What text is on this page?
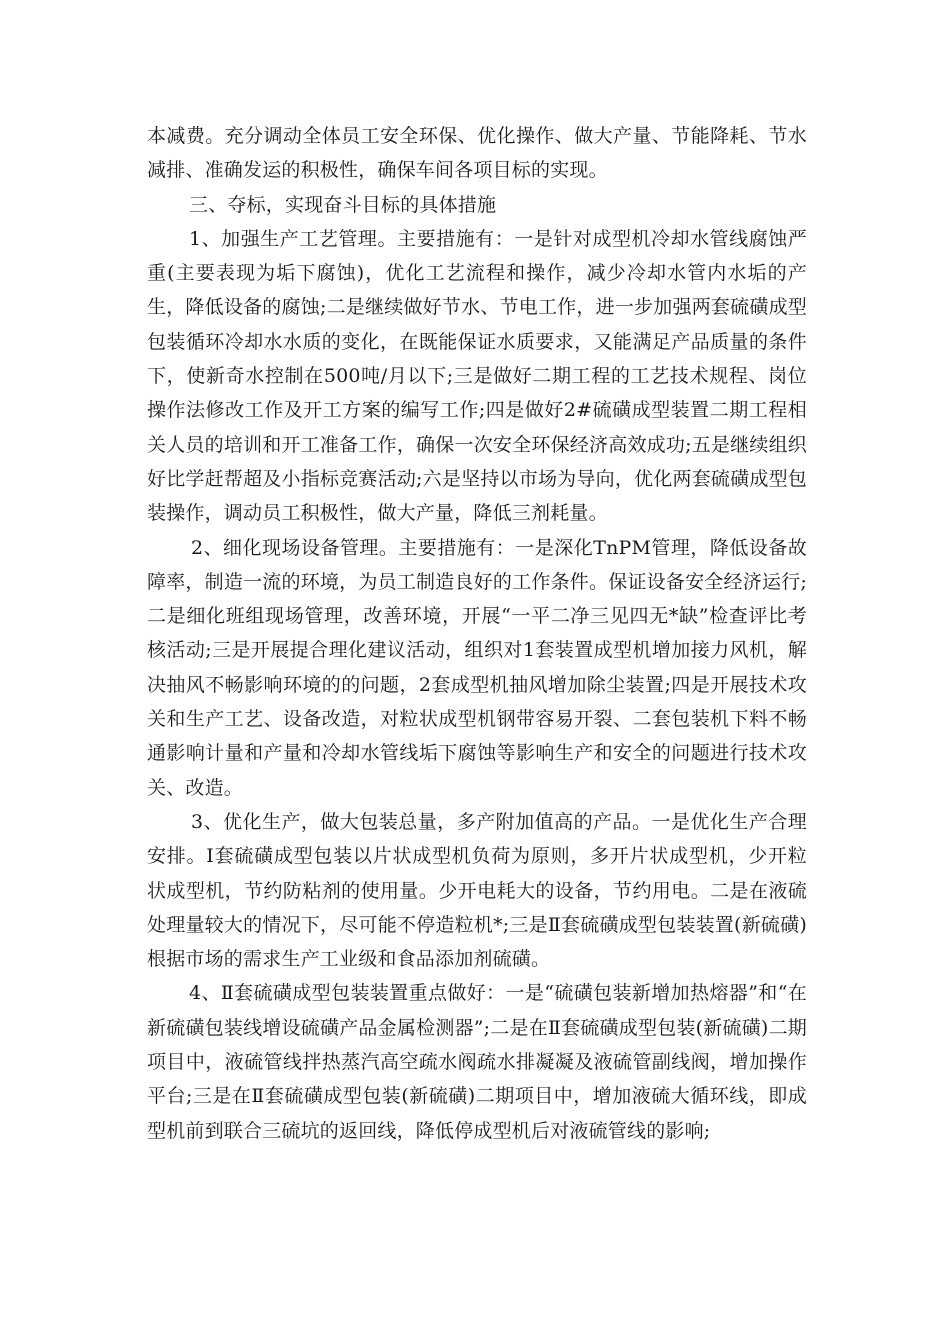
本减费。充分调动全体员工安全环保、优化操作、做大产量、节能降耗、节水减排、准确发运的积极性，确保车间各项目标的实现。

三、夺标，实现奋斗目标的具体措施

1、加强生产工艺管理。主要措施有：一是针对成型机冷却水管线腐蚀严重(主要表现为垢下腐蚀)，优化工艺流程和操作，减少冷却水管内水垢的产生，降低设备的腐蚀;二是继续做好节水、节电工作，进一步加强两套硫磺成型包装循环冷却水水质的变化，在既能保证水质要求，又能满足产品质量的条件下，使新奇水控制在500吨/月以下;三是做好二期工程的工艺技术规程、岗位操作法修改工作及开工方案的编写工作;四是做好2#硫磺成型装置二期工程相关人员的培训和开工准备工作，确保一次安全环保经济高效成功;五是继续组织好比学赶帮超及小指标竞赛活动;六是坚持以市场为导向，优化两套硫磺成型包装操作，调动员工积极性，做大产量，降低三剂耗量。

2、细化现场设备管理。主要措施有：一是深化TnPM管理，降低设备故障率，制造一流的环境，为员工制造良好的工作条件。保证设备安全经济运行;二是细化班组现场管理，改善环境，开展“一平二净三见四无*缺”检查评比考核活动;三是开展提合理化建议活动，组织对1套装置成型机增加接力风机，解决抽风不畅影响环境的的问题，2套成型机抽风增加除尘装置;四是开展技术攻关和生产工艺、设备改造，对粒状成型机钢带容易开裂、二套包装机下料不畅通影响计量和产量和冷却水管线垢下腐蚀等影响生产和安全的问题进行技术攻关、改造。

3、优化生产，做大包装总量，多产附加值高的产品。一是优化生产合理安排。Ⅰ套硫磺成型包装以片状成型机负荷为原则，多开片状成型机，少开粒状成型机，节约防粘剂的使用量。少开电耗大的设备，节约用电。二是在液硫处理量较大的情况下，尽可能不停造粒机*;三是Ⅱ套硫磺成型包装装置(新硫磺)根据市场的需求生产工业级和食品添加剂硫磺。

4、Ⅱ套硫磺成型包装装置重点做好：一是“硫磺包装新增加热熔器”和“在新硫磺包装线增设硫磺产品金属检测器”;二是在Ⅱ套硫磺成型包装(新硫磺)二期项目中，液硫管线拌热蒸汽高空疏水阀疏水排凝凝及液硫管副线阀，增加操作平台;三是在Ⅱ套硫磺成型包装(新硫磺)二期项目中，增加液硫大循环线，即成型机前到联合三硫坑的返回线，降低停成型机后对液硫管线的影响;
